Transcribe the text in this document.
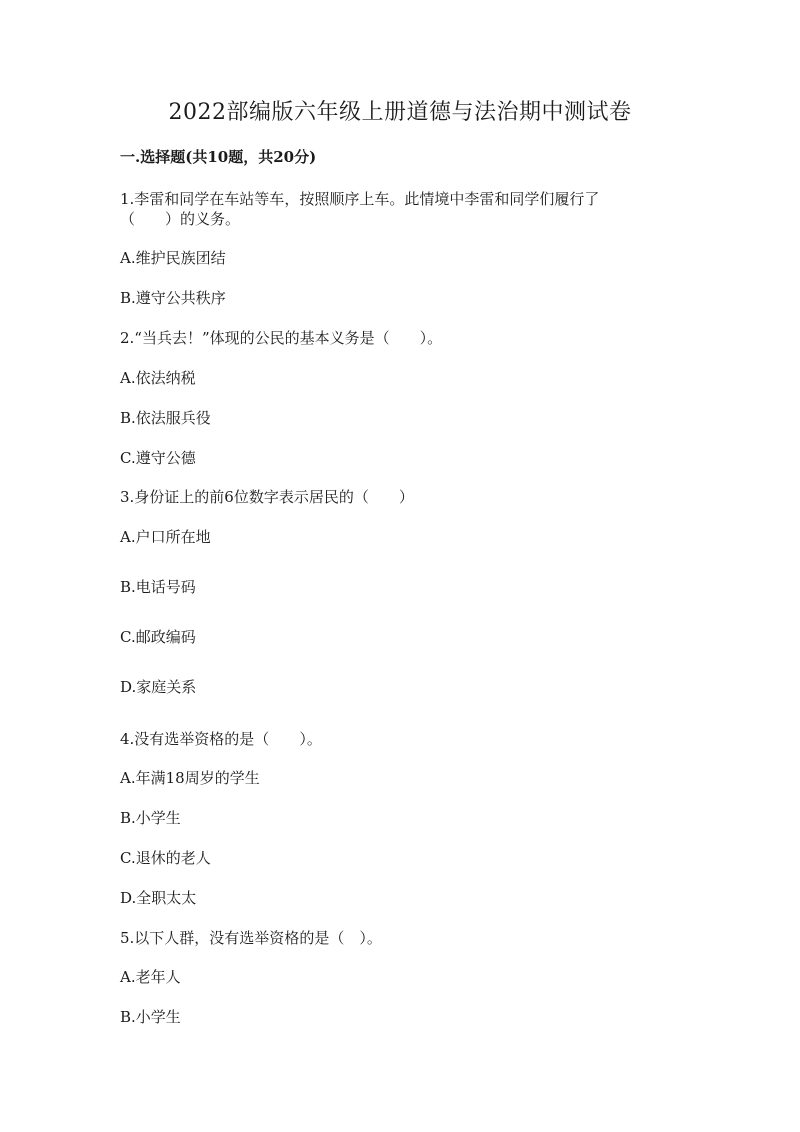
2022部编版六年级上册道德与法治期中测试卷

一.选择题(共10题，共20分)

1.李雷和同学在车站等车，按照顺序上车。此情境中李雷和同学们履行了

（　　）的义务。

A.维护民族团结

B.遵守公共秩序

2.“当兵去！”体现的公民的基本义务是（　　）。

A.依法纳税

B.依法服兵役

C.遵守公德

3.身份证上的前6位数字表示居民的（　　）

A.户口所在地

B.电话号码

C.邮政编码

D.家庭关系

4.没有选举资格的是（　　）。

A.年满18周岁的学生

B.小学生

C.退休的老人

D.全职太太

5.以下人群，没有选举资格的是（　）。

A.老年人

B.小学生
